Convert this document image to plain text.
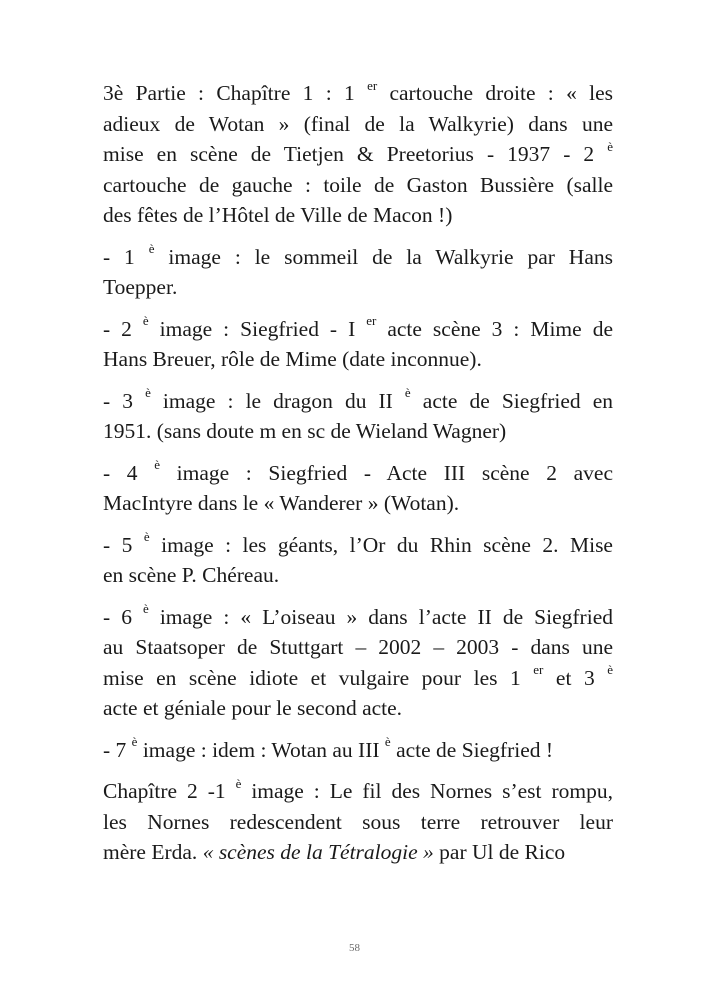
3è Partie : Chapître 1 : 1 $^{er}$ cartouche droite : « les
adieux de Wotan » (final de la Walkyrie) dans une
mise en scène de Tietjen & Preetorius - 1937 - 2 $^è$
cartouche de gauche : toile de Gaston Bussière (salle
des fêtes de l’Hôtel de Ville de Macon !)

- 1 $^è$ image : le sommeil de la Walkyrie par Hans
Toepper.

- 2 $^è$ image : Siegfried - I $^{er}$ acte scène 3 : Mime de
Hans Breuer, rôle de Mime (date inconnue).

- 3 $^è$ image : le dragon du II $^è$ acte de Siegfried en
1951. (sans doute m en sc de Wieland Wagner)

- 4 $^è$ image : Siegfried - Acte III scène 2 avec
MacIntyre dans le « Wanderer » (Wotan).

- 5 $^è$ image : les géants, l’Or du Rhin scène 2. Mise
en scène P. Chéreau.

- 6 $^è$ image : « L’oiseau » dans l’acte II de Siegfried
au Staatsoper de Stuttgart – 2002 – 2003 - dans une
mise en scène idiote et vulgaire pour les 1 $^{er}$ et 3 $^è$
acte et géniale pour le second acte.

- 7 $^è$ image : idem : Wotan au III $^è$ acte de Siegfried !

Chapître 2 -1 $^è$ image : Le fil des Nornes s’est rompu,
les Nornes redescendent sous terre retrouver leur
mère Erda. « scènes de la Tétralogie » par Ul de Rico

58
